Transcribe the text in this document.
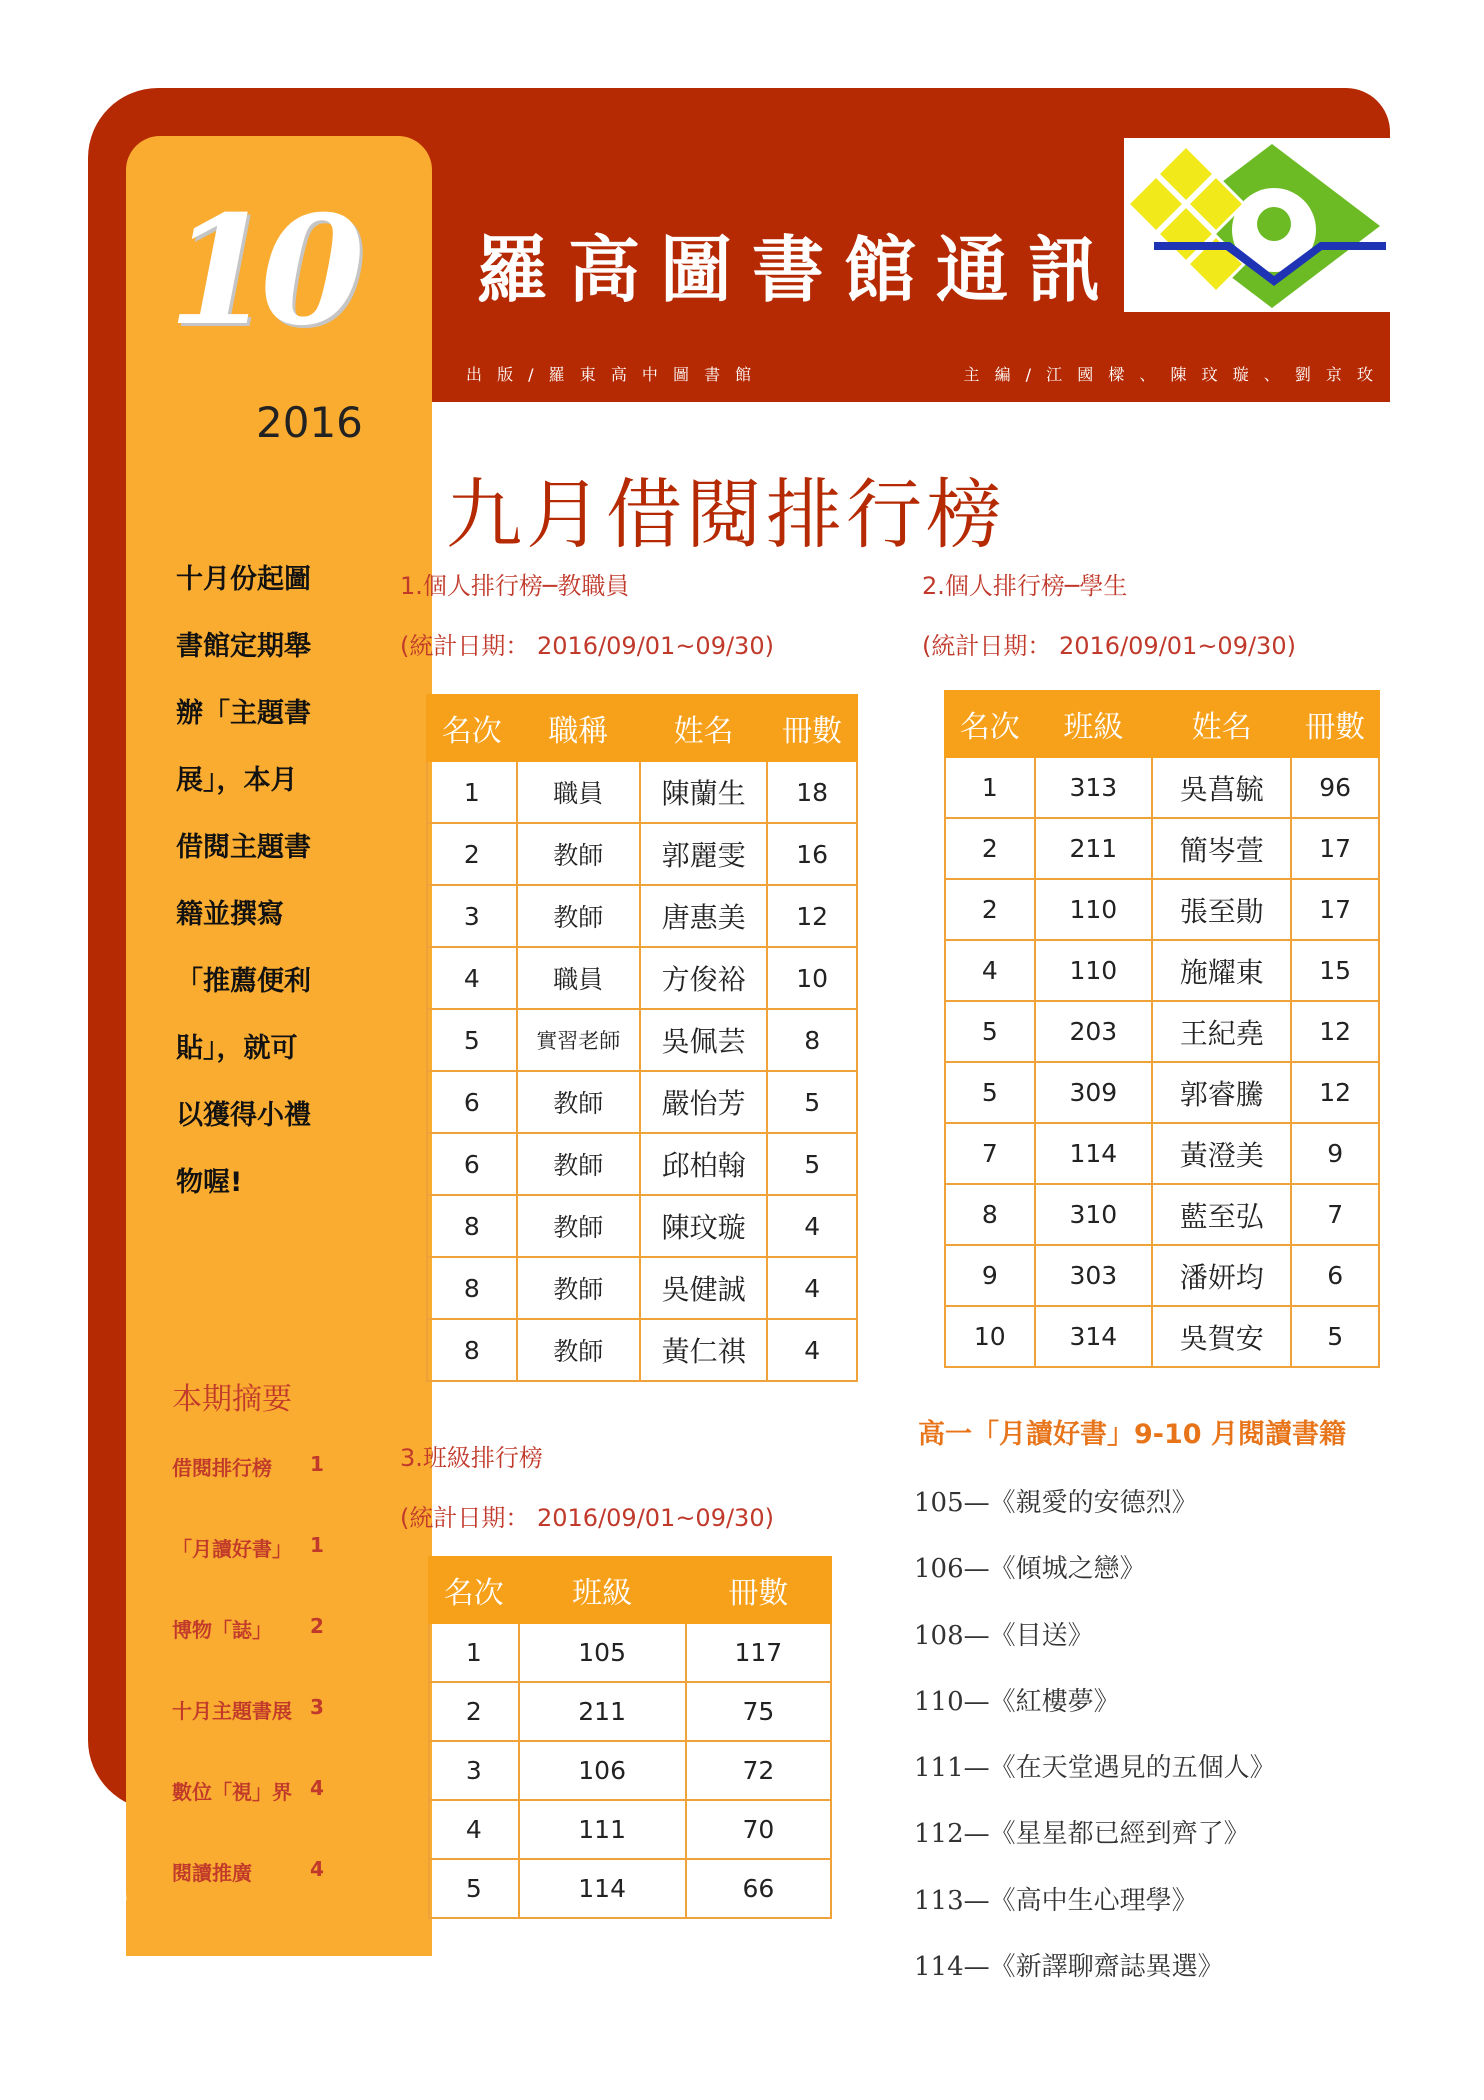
10
2016
羅高圖書館通訊
出 版 / 羅 東 高 中 圖 書 館	主 編 / 江 國 樑 、 陳 玟 璇 、 劉 京 玫
九月借閱排行榜
十月份起圖
書館定期舉
辦「主題書
展」，本月
借閱主題書
籍並撰寫
「推薦便利
貼」，就可
以獲得小禮
物喔!
本期摘要
借閱排行榜 1
「月讀好書」 1
博物「誌」 2
十月主題書展 3
數位「視」界 4
閱讀推廣	4
1.個人排行榜─教職員
(統計日期： 2016/09/01~09/30)
名次	職稱	姓名	冊數
1	職員	陳蘭生	18
2	教師	郭麗雯	16
3	教師	唐惠美	12
4	職員	方俊裕	10
5	實習老師	吳佩芸	8
6	教師	嚴怡芳	5
6	教師	邱柏翰	5
8	教師	陳玟璇	4
8	教師	吳健誠	4
8	教師	黃仁祺	4
2.個人排行榜─學生
(統計日期： 2016/09/01~09/30)
名次	班級	姓名	冊數
1	313	吳菖毓	96
2	211	簡岑萱	17
2	110	張至勛	17
4	110	施耀東	15
5	203	王紀堯	12
5	309	郭睿騰	12
7	114	黃澄美	9
8	310	藍至弘	7
9	303	潘妍均	6
10	314	吳賀安	5
3.班級排行榜
(統計日期： 2016/09/01~09/30)
名次	班級	冊數
1	105	117
2	211	75
3	106	72
4	111	70
5	114	66
高一「月讀好書」9-10 月閱讀書籍
105—《親愛的安德烈》
106—《傾城之戀》
108—《目送》
110—《紅樓夢》
111—《在天堂遇見的五個人》
112—《星星都已經到齊了》
113—《高中生心理學》
114—《新譯聊齋誌異選》
